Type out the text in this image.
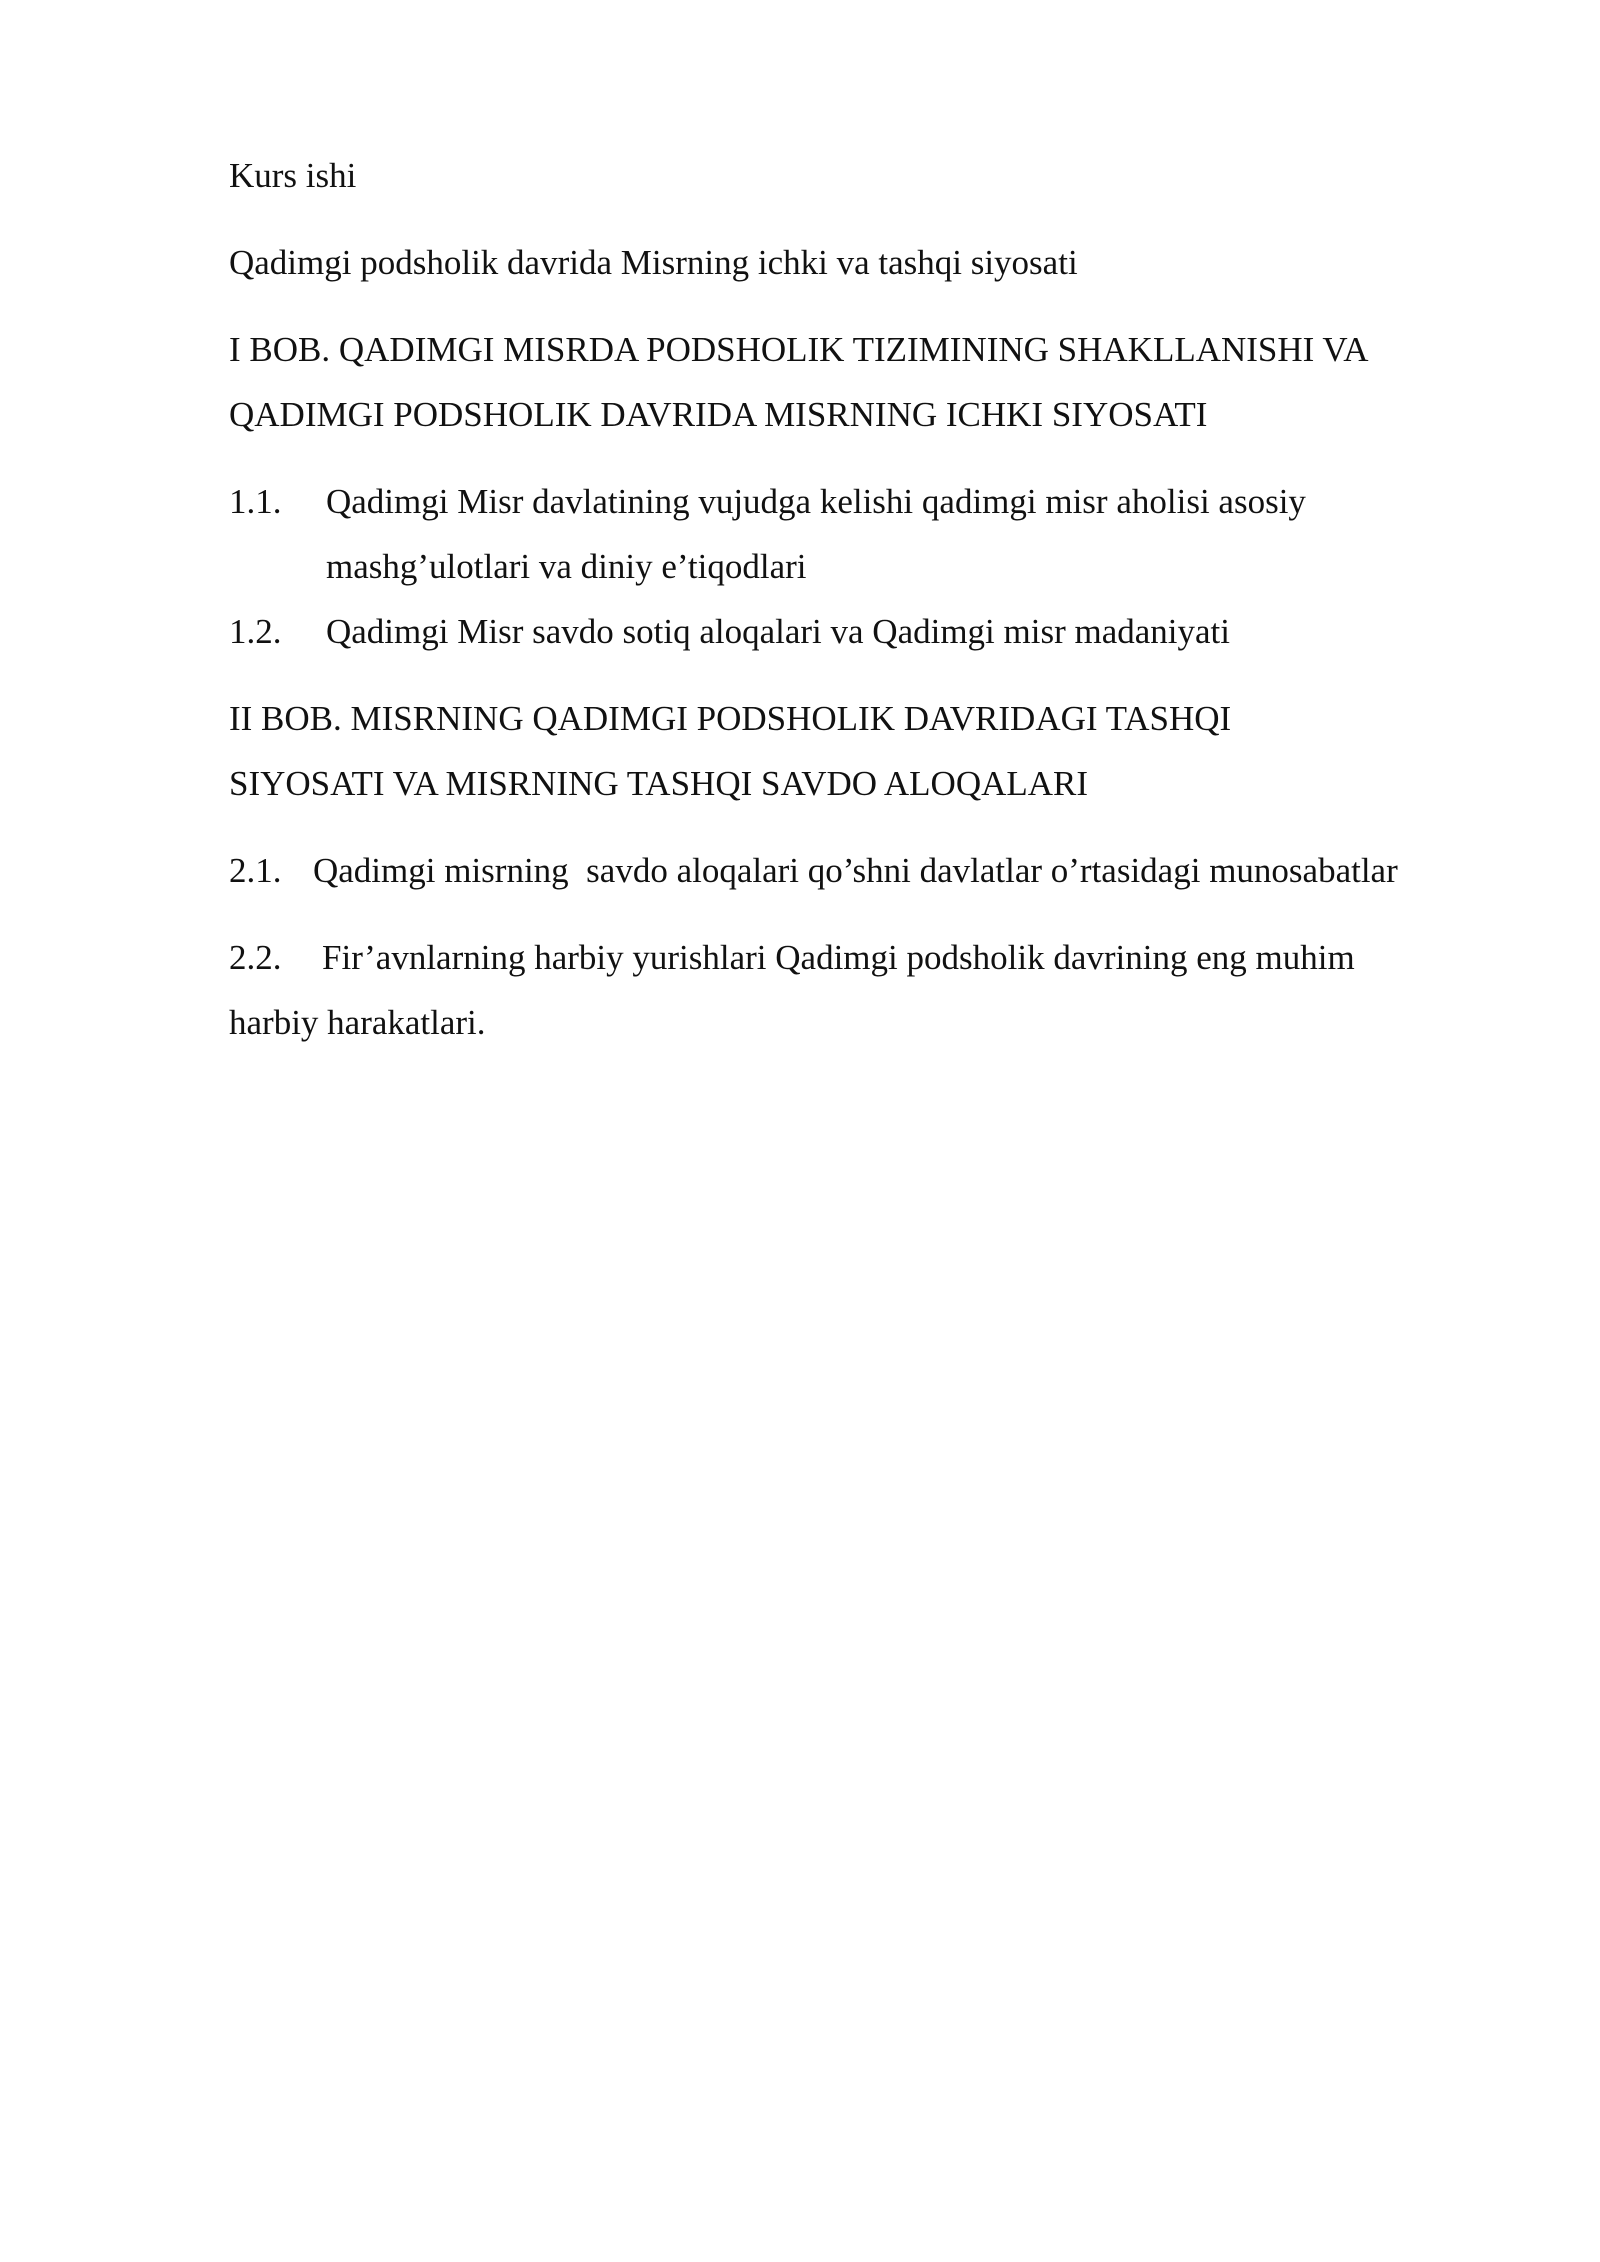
Kurs ishi
Qadimgi podsholik davrida Misrning ichki va tashqi siyosati
I BOB. QADIMGI MISRDA PODSHOLIK TIZIMINING SHAKLLANISHI VA
QADIMGI PODSHOLIK DAVRIDA MISRNING ICHKI SIYOSATI
1.1. Qadimgi Misr davlatining vujudga kelishi qadimgi misr aholisi asosiy
mashg’ulotlari va diniy e’tiqodlari
1.2. Qadimgi Misr savdo sotiq aloqalari va Qadimgi misr madaniyati
II BOB. MISRNING QADIMGI PODSHOLIK DAVRIDAGI TASHQI
SIYOSATI VA MISRNING TASHQI SAVDO ALOQALARI
2.1. Qadimgi misrning  savdo aloqalari qo’shni davlatlar o’rtasidagi munosabatlar
2.2. Fir’avnlarning harbiy yurishlari Qadimgi podsholik davrining eng muhim
harbiy harakatlari.
